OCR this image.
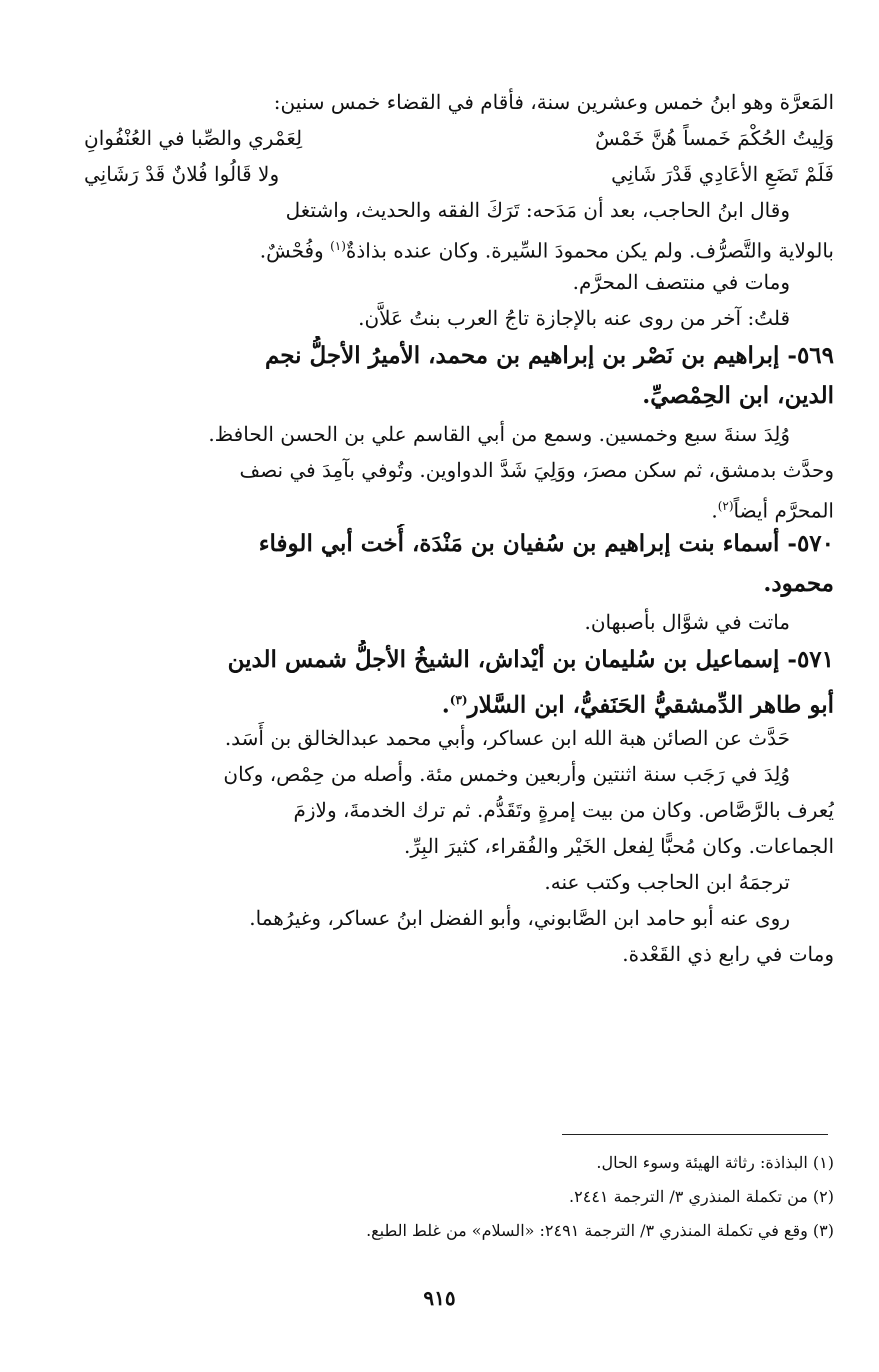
المَعرَّة وهو ابنُ خمس وعشرين سنة، فأقام في القضاء خمس سنين:
وَلِيتُ الحُكْمَ خَمساً هُنَّ خَمْسٌ
لِعَمْري والصِّبا في العُنْفُوانِ
فَلَمْ تَضَعِ الأعَادِي قَدْرَ شَانِي
ولا قَالُوا فُلانٌ قَدْ رَشَانِي
وقال ابنُ الحاجب، بعد أن مَدَحه: تَرَكَ الفقه والحديث، واشتغل
بالولاية والتَّصرُّف. ولم يكن محمودَ السِّيرة. وكان عنده بذاذةٌ$^{(١)}$ وفُحْشٌ.
ومات في منتصف المحرَّم.
قلتُ: آخر من روى عنه بالإجازة تاجُ العرب بنتُ عَلاَّن.
٥٦٩- إبراهيم بن نَصْر بن إبراهيم بن محمد، الأميرُ الأجلُّ نجم
الدين، ابن الحِمْصيِّ.
وُلِدَ سنةَ سبع وخمسين. وسمع من أبي القاسم علي بن الحسن الحافظ.
وحدَّث بدمشق، ثم سكن مصرَ، ووَلِيَ شَدَّ الدواوين. وتُوفي بآمِدَ في نصف
المحرَّم أيضاً$^{(٢)}$.
٥٧٠- أسماء بنت إبراهيم بن سُفيان بن مَنْدَة، أُخت أبي الوفاء
محمود.
ماتت في شوَّال بأصبهان.
٥٧١- إسماعيل بن سُليمان بن أيْداش، الشيخُ الأجلُّ شمس الدين
أبو طاهر الدِّمشقيُّ الحَنَفيُّ، ابن السَّلار$^{(٣)}$.
حَدَّث عن الصائن هبة الله ابن عساكر، وأبي محمد عبدالخالق بن أَسَد.
وُلِدَ في رَجَب سنة اثنتين وأربعين وخمس مئة. وأصله من حِمْص، وكان
يُعرف بالرَّصَّاص. وكان من بيت إمرةٍ وتَقَدُّم. ثم ترك الخدمةَ، ولازمَ
الجماعات. وكان مُحبًّا لِفعل الخَيْر والفُقراء، كثيرَ البِرِّ.
ترجمَهُ ابن الحاجب وكتب عنه.
روى عنه أبو حامد ابن الصَّابوني، وأبو الفضل ابنُ عساكر، وغيرُهما.
ومات في رابع ذي القَعْدة.
(١) البذاذة: رثاثة الهيئة وسوء الحال.
(٢) من تكملة المنذري ٣/ الترجمة ٢٤٤١.
(٣) وقع في تكملة المنذري ٣/ الترجمة ٢٤٩١: «السلام» من غلط الطبع.
٩١٥
